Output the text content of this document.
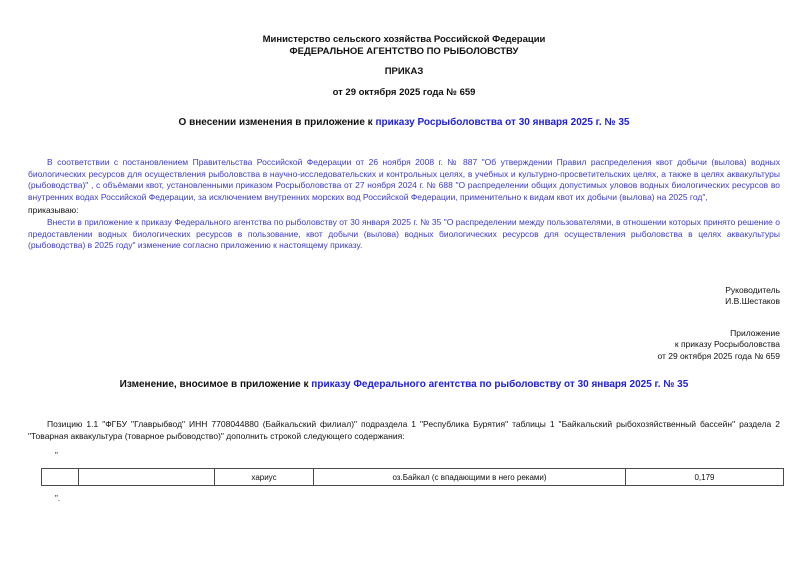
Министерство сельского хозяйства Российской Федерации
ФЕДЕРАЛЬНОЕ АГЕНТСТВО ПО РЫБОЛОВСТВУ
ПРИКАЗ
от 29 октября 2025 года № 659
О внесении изменения в приложение к приказу Росрыболовства от 30 января 2025 г. № 35
В соответствии с постановлением Правительства Российской Федерации от 26 ноября 2008 г. № 887 "Об утверждении Правил распределения квот добычи (вылова) водных биологических ресурсов для осуществления рыболовства в научно-исследовательских и контрольных целях, в учебных и культурно-просветительских целях, а также в целях аквакультуры (рыбоводства)" , с объёмами квот, установленными приказом Росрыболовства от 27 ноября 2024 г. № 688 "О распределении общих допустимых уловов водных биологических ресурсов во внутренних водах Российской Федерации, за исключением внутренних морских вод Российской Федерации, применительно к видам квот их добычи (вылова) на 2025 год",
приказываю:
Внести в приложение к приказу Федерального агентства по рыболовству от 30 января 2025 г. № 35 "О распределении между пользователями, в отношении которых принято решение о предоставлении водных биологических ресурсов в пользование, квот добычи (вылова) водных биологических ресурсов для осуществления рыболовства в целях аквакультуры (рыбоводства) в 2025 году" изменение согласно приложению к настоящему приказу.
Руководитель
И.В.Шестаков
Приложение
к приказу Росрыболовства
от 29 октября 2025 года № 659
Изменение, вносимое в приложение к приказу Федерального агентства по рыболовству от 30 января 2025 г. № 35
Позицию 1.1 "ФГБУ "Главрыбвод" ИНН 7708044880 (Байкальский филиал)" подраздела 1 "Республика Бурятия" таблицы 1 "Байкальский рыбохозяйственный бассейн" раздела 2 "Товарная аквакультура (товарное рыбоводство)" дополнить строкой следующего содержания:
"
		хариус	оз.Байкал (с впадающими в него реками)	0,179
".
